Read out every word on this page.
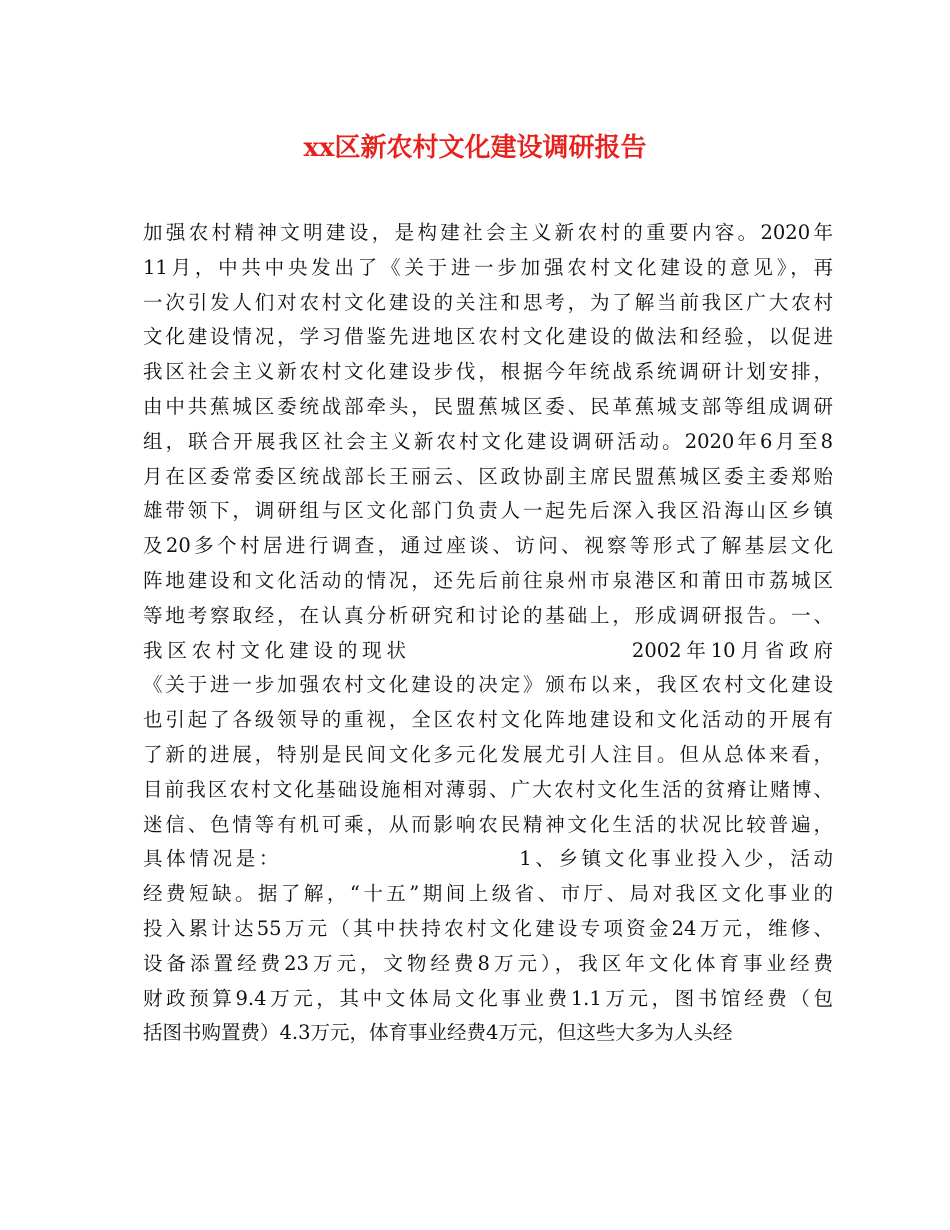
xx区新农村文化建设调研报告
加强农村精神文明建设，是构建社会主义新农村的重要内容。2020年
11月，中共中央发出了《关于进一步加强农村文化建设的意见》，再
一次引发人们对农村文化建设的关注和思考，为了解当前我区广大农村
文化建设情况，学习借鉴先进地区农村文化建设的做法和经验，以促进
我区社会主义新农村文化建设步伐，根据今年统战系统调研计划安排，
由中共蕉城区委统战部牵头，民盟蕉城区委、民革蕉城支部等组成调研
组，联合开展我区社会主义新农村文化建设调研活动。2020年6月至8
月在区委常委区统战部长王丽云、区政协副主席民盟蕉城区委主委郑贻
雄带领下，调研组与区文化部门负责人一起先后深入我区沿海山区乡镇
及20多个村居进行调查，通过座谈、访问、视察等形式了解基层文化
阵地建设和文化活动的情况，还先后前往泉州市泉港区和莆田市荔城区
等地考察取经，在认真分析研究和讨论的基础上，形成调研报告。一、
我区农村文化建设的现状                    2002年10月省政府
《关于进一步加强农村文化建设的决定》颁布以来，我区农村文化建设
也引起了各级领导的重视，全区农村文化阵地建设和文化活动的开展有
了新的进展，特别是民间文化多元化发展尤引人注目。但从总体来看，
目前我区农村文化基础设施相对薄弱、广大农村文化生活的贫瘠让赌博、
迷信、色情等有机可乘，从而影响农民精神文化生活的状况比较普遍，
具体情况是：                        1、乡镇文化事业投入少，活动
经费短缺。据了解，“十五”期间上级省、市厅、局对我区文化事业的
投入累计达55万元（其中扶持农村文化建设专项资金24万元，维修、
设备添置经费23万元，文物经费8万元），我区年文化体育事业经费
财政预算9.4万元，其中文体局文化事业费1.1万元，图书馆经费（包
括图书购置费）4.3万元，体育事业经费4万元，但这些大多为人头经
